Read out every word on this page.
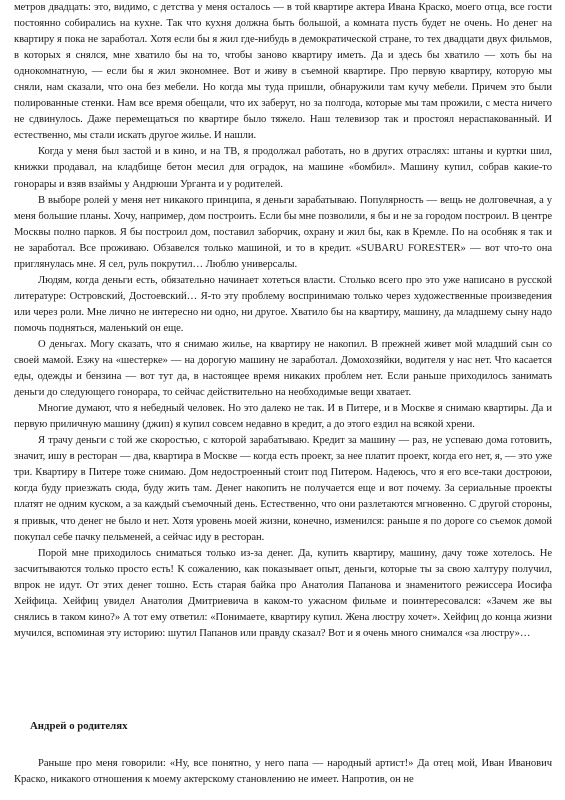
метров двадцать: это, видимо, с детства у меня осталось — в той квартире актера Ивана Краско, моего отца, все гости постоянно собирались на кухне. Так что кухня должна быть большой, а комната пусть будет не очень. Но денег на квартиру я пока не заработал. Хотя если бы я жил где-нибудь в демократической стране, то тех двадцати двух фильмов, в которых я снялся, мне хватило бы на то, чтобы заново квартиру иметь. Да и здесь бы хватило — хоть бы на однокомнатную, — если бы я жил экономнее. Вот и живу в съемной квартире. Про первую квартиру, которую мы сняли, нам сказали, что она без мебели. Но когда мы туда пришли, обнаружили там кучу мебели. Причем это были полированные стенки. Нам все время обещали, что их заберут, но за полгода, которые мы там прожили, с места ничего не сдвинулось. Даже перемещаться по квартире было тяжело. Наш телевизор так и простоял нераспакованный. И естественно, мы стали искать другое жилье. И нашли.

Когда у меня был застой и в кино, и на ТВ, я продолжал работать, но в других отраслях: штаны и куртки шил, книжки продавал, на кладбище бетон месил для оградок, на машине «бомбил». Машину купил, собрав какие-то гонорары и взяв взаймы у Андрюши Урганта и у родителей.

В выборе ролей у меня нет никакого принципа, я деньги зарабатываю. Популярность — вещь не долговечная, а у меня большие планы. Хочу, например, дом построить. Если бы мне позволили, я бы и не за городом построил. В центре Москвы полно парков. Я бы построил дом, поставил заборчик, охрану и жил бы, как в Кремле. По на особняк я так и не заработал. Все проживаю. Обзавелся только машиной, и то в кредит. «SUBARU FORESTER» — вот что-то она приглянулась мне. Я сел, руль покрутил… Люблю универсалы.

Людям, когда деньги есть, обязательно начинает хотеться власти. Столько всего про это уже написано в русской литературе: Островский, Достоевский… Я-то эту проблему воспринимаю только через художественные произведения или через роли. Мне лично не интересно ни одно, ни другое. Хватило бы на квартиру, машину, да младшему сыну надо помочь подняться, маленький он еще.

О деньгах. Могу сказать, что я снимаю жилье, на квартиру не накопил. В прежней живет мой младший сын со своей мамой. Езжу на «шестерке» — на дорогую машину не заработал. Домохозяйки, водителя у нас нет. Что касается еды, одежды и бензина — вот тут да, в настоящее время никаких проблем нет. Если раньше приходилось занимать деньги до следующего гонорара, то сейчас действительно на необходимые вещи хватает.

Многие думают, что я небедный человек. Но это далеко не так. И в Питере, и в Москве я снимаю квартиры. Да и первую приличную машину (джип) я купил совсем недавно в кредит, а до этого ездил на всякой хрени.

Я трачу деньги с той же скоростью, с которой зарабатываю. Кредит за машину — раз, не успеваю дома готовить, значит, ишу в ресторан — два, квартира в Москве — когда есть проект, за нее платит проект, когда его нет, я, — это уже три. Квартиру в Питере тоже снимаю. Дом недостроенный стоит под Питером. Надеюсь, что я его все-таки достроюи, когда буду приезжать сюда, буду жить там. Денег накопить не получается еще и вот почему. За сериальные проекты платят не одним куском, а за каждый съемочный день. Естественно, что они разлетаются мгновенно. С другой стороны, я привык, что денег не было и нет. Хотя уровень моей жизни, конечно, изменился: раньше я по дороге со съемок домой покупал себе пачку пельменей, а сейчас иду в ресторан.

Порой мне приходилось сниматься только из-за денег. Да, купить квартиру, машину, дачу тоже хотелось. Не засчитываются только просто есть! К сожалению, как показывает опыт, деньги, которые ты за свою халтуру получил, впрок не идут. От этих денег тошно. Есть старая байка про Анатолия Папанова и знаменитого режиссера Иосифа Хейфица. Хейфиц увидел Анатолия Дмитриевича в каком-то ужасном фильме и поинтересовался: «Зачем же вы снялись в таком кино?» А тот ему ответил: «Понимаете, квартиру купил. Жена люстру хочет». Хейфиц до конца жизни мучился, вспоминая эту историю: шутил Папанов или правду сказал? Вот и я очень много снимался «за люстру»…

Андрей о родителях

Раньше про меня говорили: «Ну, все понятно, у него папа — народный артист!» Да отец мой, Иван Иванович Краско, никакого отношения к моему актерскому становлению не имеет. Напротив, он не
